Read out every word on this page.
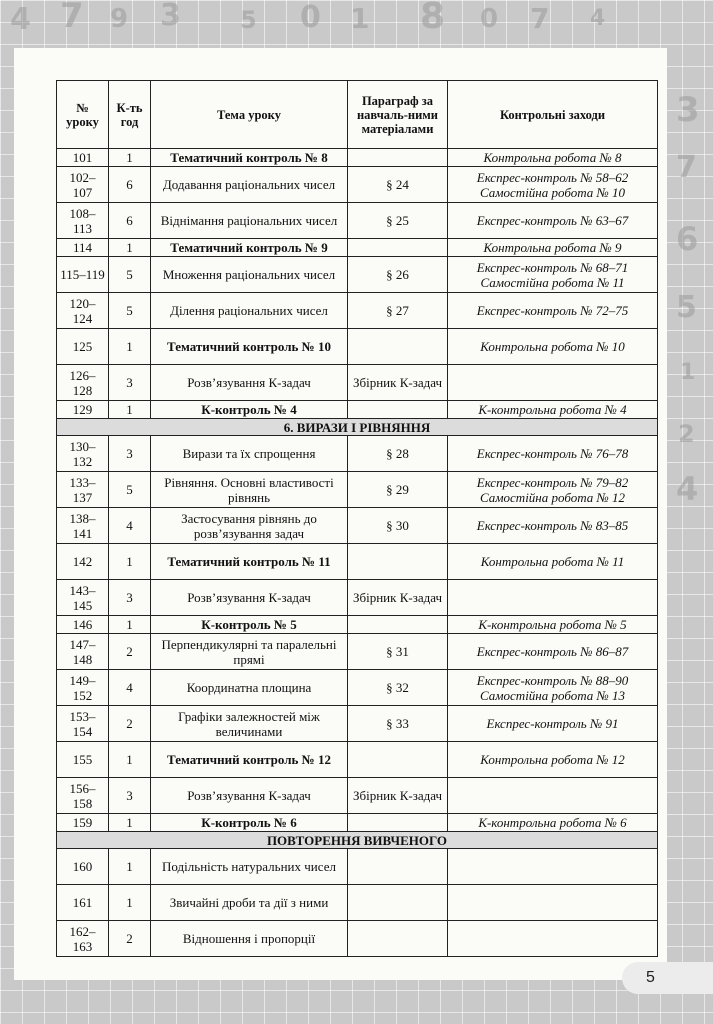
4 7 9 3 5 0 1 8 0 7 4
3
7
6
5
1
2
4
№ уроку	К-ть год	Тема уроку	Параграф за навчаль-ними матеріалами	Контрольні заходи
101	1	Тематичний контроль № 8		Контрольна робота № 8
102–107	6	Додавання раціональних чисел	§ 24	Експрес-контроль № 58–62
Самостійна робота № 10
108–113	6	Віднімання раціональних чисел	§ 25	Експрес-контроль № 63–67
114	1	Тематичний контроль № 9		Контрольна робота № 9
115–119	5	Множення раціональних чисел	§ 26	Експрес-контроль № 68–71
Самостійна робота № 11
120–124	5	Ділення раціональних чисел	§ 27	Експрес-контроль № 72–75
125	1	Тематичний контроль № 10		Контрольна робота № 10
126–128	3	Розв’язування К-задач	Збірник К-задач	
129	1	К-контроль № 4		К-контрольна робота № 4
6. ВИРАЗИ І РІВНЯННЯ				
130–132	3	Вирази та їх спрощення	§ 28	Експрес-контроль № 76–78
133–137	5	Рівняння. Основні властивості рівнянь	§ 29	Експрес-контроль № 79–82
Самостійна робота № 12
138–141	4	Застосування рівнянь до розв’язування задач	§ 30	Експрес-контроль № 83–85
142	1	Тематичний контроль № 11		Контрольна робота № 11
143–145	3	Розв’язування К-задач	Збірник К-задач	
146	1	К-контроль № 5		К-контрольна робота № 5
147–148	2	Перпендикулярні та паралельні прямі	§ 31	Експрес-контроль № 86–87
149–152	4	Координатна площина	§ 32	Експрес-контроль № 88–90
Самостійна робота № 13
153–154	2	Графіки залежностей між величинами	§ 33	Експрес-контроль № 91
155	1	Тематичний контроль № 12		Контрольна робота № 12
156–158	3	Розв’язування К-задач	Збірник К-задач	
159	1	К-контроль № 6		К-контрольна робота № 6
ПОВТОРЕННЯ ВИВЧЕНОГО				
160	1	Подільність натуральних чисел		
161	1	Звичайні дроби та дії з ними		
162–163	2	Відношення і пропорції		
5
